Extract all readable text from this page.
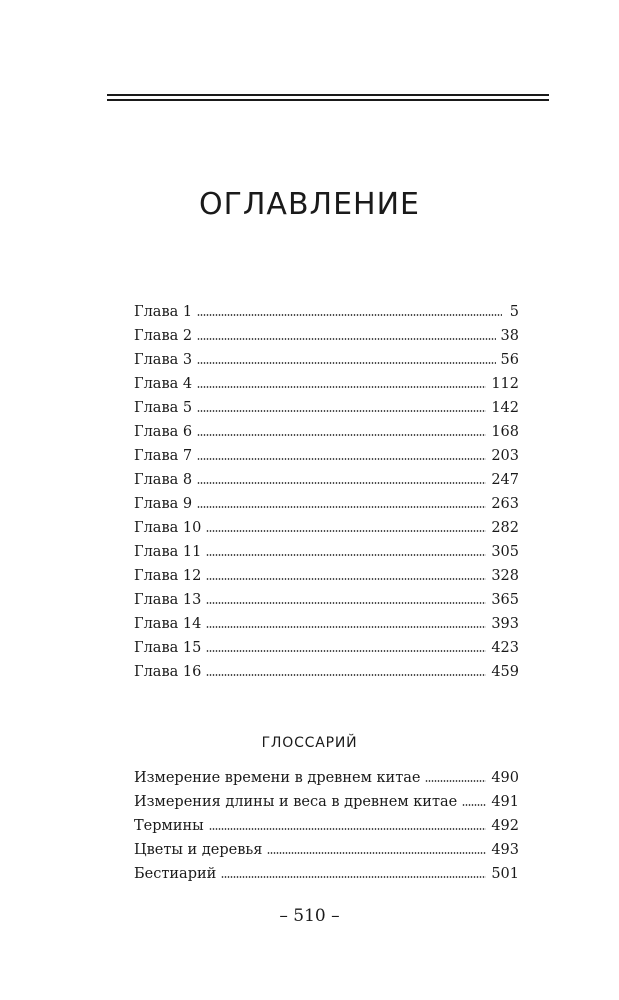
ОГЛАВЛЕНИЕ
Глава 1	5
Глава 2	38
Глава 3	56
Глава 4	112
Глава 5	142
Глава 6	168
Глава 7	203
Глава 8	247
Глава 9	263
Глава 10	282
Глава 11	305
Глава 12	328
Глава 13	365
Глава 14	393
Глава 15	423
Глава 16	459
ГЛОССАРИЙ
Измерение времени в древнем китае	490
Измерения длины и веса в древнем китае 491
Термины	492
Цветы и деревья	493
Бестиарий	501
– 510 –
